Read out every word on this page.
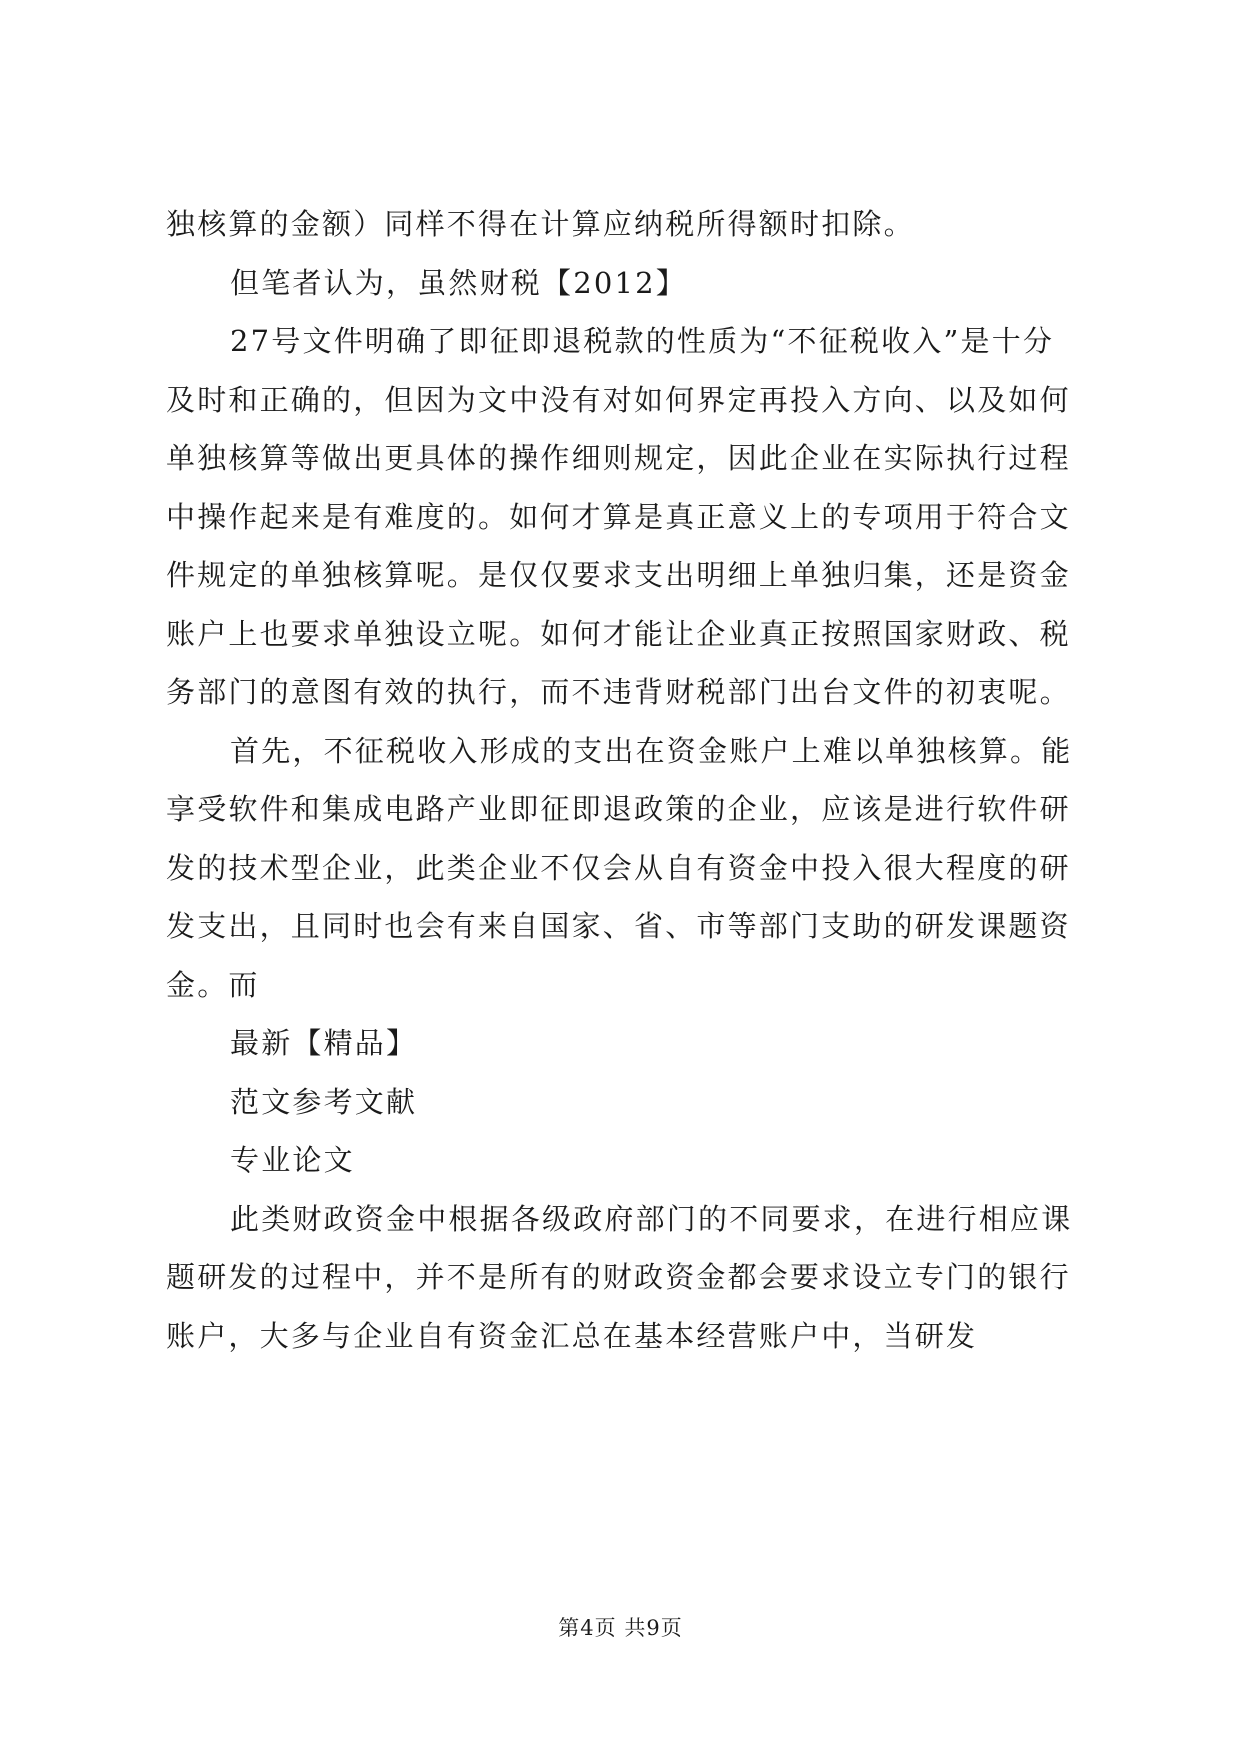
独核算的金额）同样不得在计算应纳税所得额时扣除。

但笔者认为，虽然财税【2012】

27号文件明确了即征即退税款的性质为“不征税收入”是十分及时和正确的，但因为文中没有对如何界定再投入方向、以及如何单独核算等做出更具体的操作细则规定，因此企业在实际执行过程中操作起来是有难度的。如何才算是真正意义上的专项用于符合文件规定的单独核算呢。是仅仅要求支出明细上单独归集，还是资金账户上也要求单独设立呢。如何才能让企业真正按照国家财政、税务部门的意图有效的执行，而不违背财税部门出台文件的初衷呢。

首先，不征税收入形成的支出在资金账户上难以单独核算。能享受软件和集成电路产业即征即退政策的企业，应该是进行软件研发的技术型企业，此类企业不仅会从自有资金中投入很大程度的研发支出，且同时也会有来自国家、省、市等部门支助的研发课题资金。而

最新【精品】

范文参考文献

专业论文

此类财政资金中根据各级政府部门的不同要求，在进行相应课题研发的过程中，并不是所有的财政资金都会要求设立专门的银行账户，大多与企业自有资金汇总在基本经营账户中，当研发

第4页 共9页
